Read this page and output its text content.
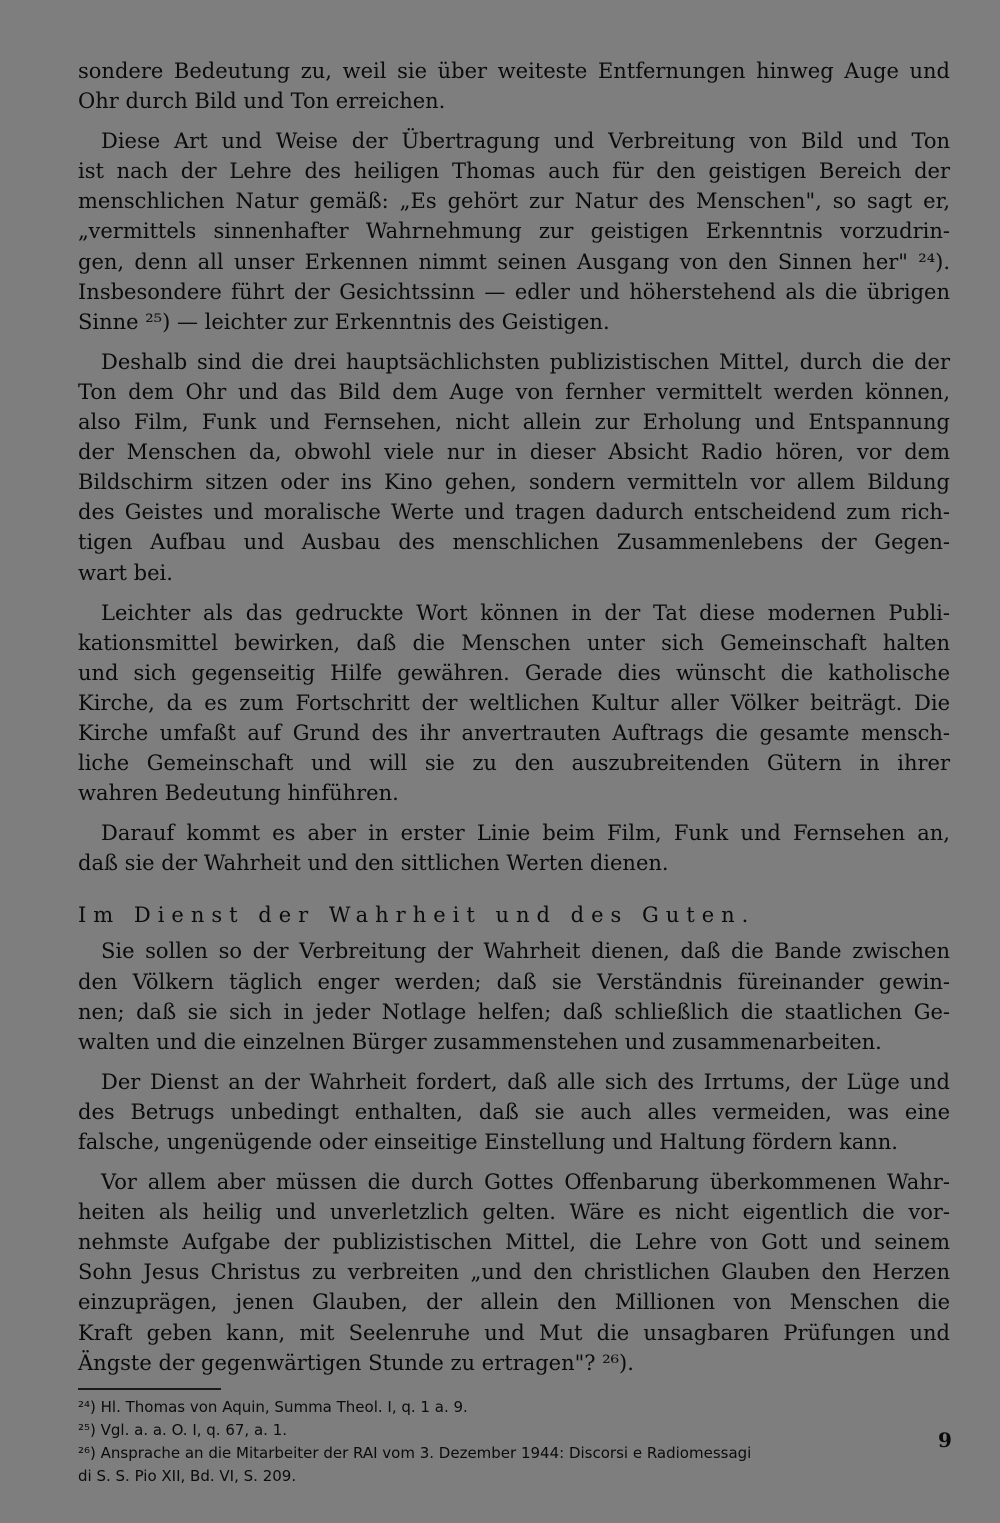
sondere Bedeutung zu, weil sie über weiteste Entfernungen hinweg Auge und
Ohr durch Bild und Ton erreichen.
Diese Art und Weise der Übertragung und Verbreitung von Bild und Ton
ist nach der Lehre des heiligen Thomas auch für den geistigen Bereich der
menschlichen Natur gemäß: „Es gehört zur Natur des Menschen", so sagt er,
„vermittels sinnenhafter Wahrnehmung zur geistigen Erkenntnis vorzudrin-
gen, denn all unser Erkennen nimmt seinen Ausgang von den Sinnen her" ²⁴).
Insbesondere führt der Gesichtssinn — edler und höherstehend als die übrigen
Sinne ²⁵) — leichter zur Erkenntnis des Geistigen.
Deshalb sind die drei hauptsächlichsten publizistischen Mittel, durch die der
Ton dem Ohr und das Bild dem Auge von fernher vermittelt werden können,
also Film, Funk und Fernsehen, nicht allein zur Erholung und Entspannung
der Menschen da, obwohl viele nur in dieser Absicht Radio hören, vor dem
Bildschirm sitzen oder ins Kino gehen, sondern vermitteln vor allem Bildung
des Geistes und moralische Werte und tragen dadurch entscheidend zum rich-
tigen Aufbau und Ausbau des menschlichen Zusammenlebens der Gegen-
wart bei.
Leichter als das gedruckte Wort können in der Tat diese modernen Publi-
kationsmittel bewirken, daß die Menschen unter sich Gemeinschaft halten
und sich gegenseitig Hilfe gewähren. Gerade dies wünscht die katholische
Kirche, da es zum Fortschritt der weltlichen Kultur aller Völker beiträgt. Die
Kirche umfaßt auf Grund des ihr anvertrauten Auftrags die gesamte mensch-
liche Gemeinschaft und will sie zu den auszubreitenden Gütern in ihrer
wahren Bedeutung hinführen.
Darauf kommt es aber in erster Linie beim Film, Funk und Fernsehen an,
daß sie der Wahrheit und den sittlichen Werten dienen.
Im Dienst der Wahrheit und des Guten.
Sie sollen so der Verbreitung der Wahrheit dienen, daß die Bande zwischen
den Völkern täglich enger werden; daß sie Verständnis füreinander gewin-
nen; daß sie sich in jeder Notlage helfen; daß schließlich die staatlichen Ge-
walten und die einzelnen Bürger zusammenstehen und zusammenarbeiten.
Der Dienst an der Wahrheit fordert, daß alle sich des Irrtums, der Lüge und
des Betrugs unbedingt enthalten, daß sie auch alles vermeiden, was eine
falsche, ungenügende oder einseitige Einstellung und Haltung fördern kann.
Vor allem aber müssen die durch Gottes Offenbarung überkommenen Wahr-
heiten als heilig und unverletzlich gelten. Wäre es nicht eigentlich die vor-
nehmste Aufgabe der publizistischen Mittel, die Lehre von Gott und seinem
Sohn Jesus Christus zu verbreiten „und den christlichen Glauben den Herzen
einzuprägen, jenen Glauben, der allein den Millionen von Menschen die
Kraft geben kann, mit Seelenruhe und Mut die unsagbaren Prüfungen und
Ängste der gegenwärtigen Stunde zu ertragen"? ²⁶).
²⁴) Hl. Thomas von Aquin, Summa Theol. I, q. 1 a. 9.
²⁵) Vgl. a. a. O. I, q. 67, a. 1.
²⁶) Ansprache an die Mitarbeiter der RAI vom 3. Dezember 1944: Discorsi e Radiomessagi
di S. S. Pio XII, Bd. VI, S. 209.
9
